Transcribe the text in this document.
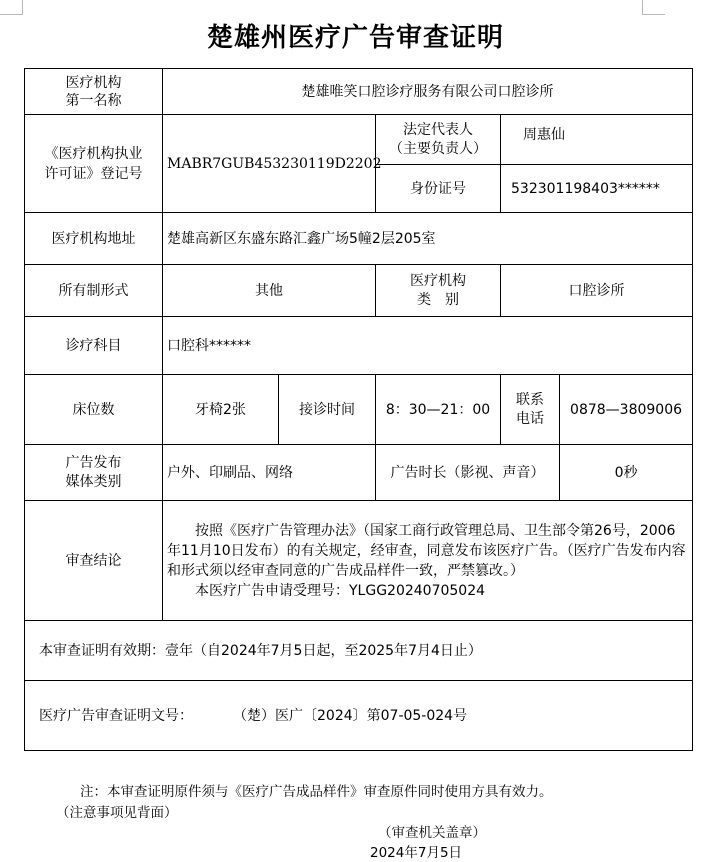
楚雄州医疗广告审查证明
医疗机构
第一名称	楚雄唯笑口腔诊疗服务有限公司口腔诊所				
《医疗机构执业
许可证》登记号	MABR7GUB453230119D2202		法定代表人
（主要负责人）	周惠仙	
			身份证号	532301198403******	
医疗机构地址	楚雄高新区东盛东路汇鑫广场5幢2层205室				
所有制形式	其他		医疗机构
类　别	口腔诊所	
诊疗科目	口腔科******				
床位数	牙椅2张	接诊时间	8：30—21：00	联系
电话	0878—3809006
广告发布
媒体类别	户外、印刷品、网络		广告时长（影视、声音）		0秒
审查结论	按照《医疗广告管理办法》（国家工商行政管理总局、卫生部令第26号，2006年11月10日发布）的有关规定，经审查，同意发布该医疗广告。（医疗广告发布内容和形式须以经审查同意的广告成品样件一致，严禁篡改。）

本医疗广告申请受理号：YLGG20240705024				

本审查证明有效期：壹年（自2024年7月5日起，至2025年7月4日止）					
医疗广告审查证明文号： （楚）医广〔2024〕第07-05-024号					
注：本审查证明原件须与《医疗广告成品样件》审查原件同时使用方具有效力。
（注意事项见背面）
（审查机关盖章）
2024年7月5日
